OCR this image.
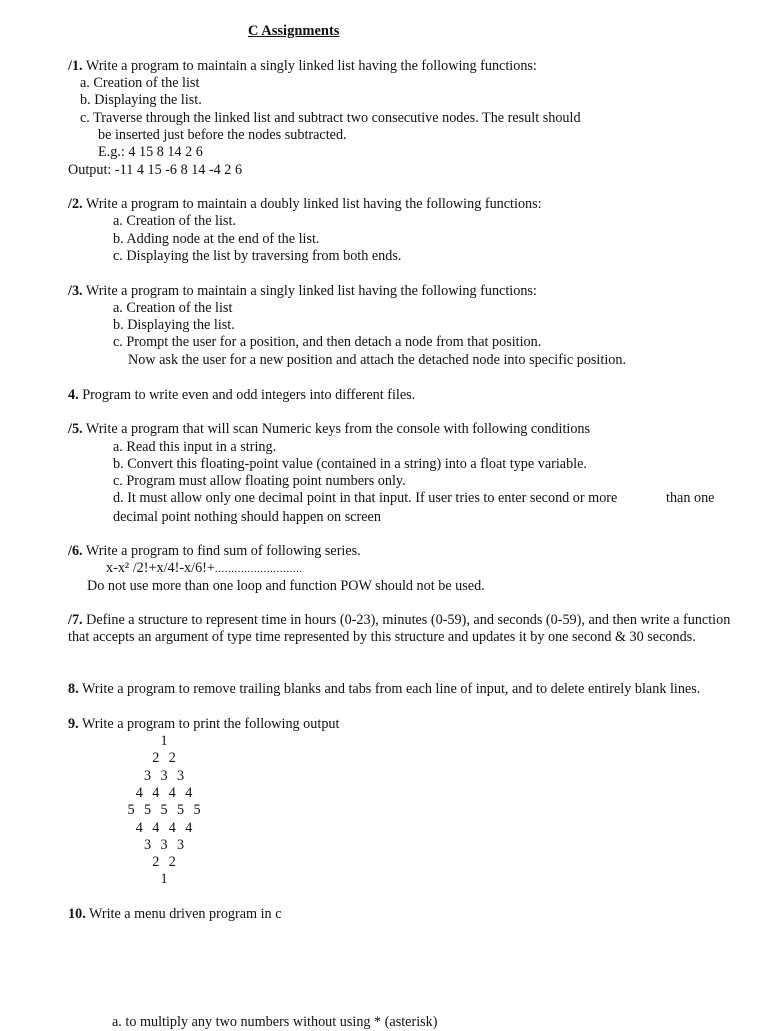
C Assignments
/1. Write a program to maintain a singly linked list having the following functions:
a. Creation of the list
b. Displaying the list.
c. Traverse through the linked list and subtract two consecutive nodes. The result should
be inserted just before the nodes subtracted.
E.g.: 4 15 8 14 2 6
Output: -11 4 15 -6 8 14 -4 2 6
/2. Write a program to maintain a doubly linked list having the following functions:
a. Creation of the list.
b. Adding node at the end of the list.
c. Displaying the list by traversing from both ends.
/3. Write a program to maintain a singly linked list having the following functions:
a. Creation of the list
b. Displaying the list.
c. Prompt the user for a position, and then detach a node from that position.
Now ask the user for a new position and attach the detached node into specific position.
4. Program to write even and odd integers into different files.
/5. Write a program that will scan Numeric keys from the console with following conditions
a. Read this input in a string.
b. Convert this floating-point value (contained in a string) into a float type variable.
c. Program must allow floating point numbers only.
d. It must allow only one decimal point in that input. If user tries to enter second or more	than one
decimal point nothing should happen on screen
/6. Write a program to find sum of following series.
x-x² /2!+x/4!-x/6!+...........................
Do not use more than one loop and function POW should not be used.
/7. Define a structure to represent time in hours (0-23), minutes (0-59), and seconds (0-59), and then write a function that accepts an argument of type time represented by this structure and updates it by one second & 30 seconds.
8. Write a program to remove trailing blanks and tabs from each line of input, and to delete entirely blank lines.
9. Write a program to print the following output
1
2 2
3 3 3
4 4 4 4
5 5 5 5 5
4 4 4 4
3 3 3
2 2
1
10. Write a menu driven program in c
a. to multiply any two numbers without using * (asterisk)
